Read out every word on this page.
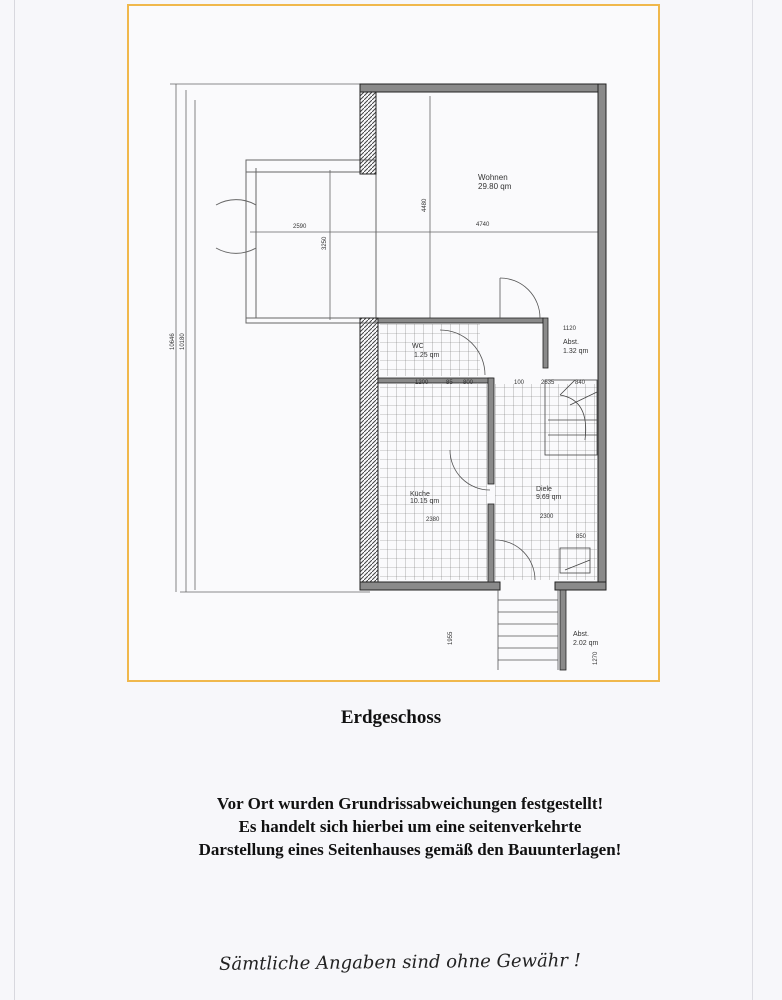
Wohnen
29.80 qm
WC
1.25 qm
Abst.
1.32 qm
Küche
10.15 qm
Diele
9.69 qm
Abst.
2.02 qm
2590	4740
3250
4480
1120
10646 10180
1200	85 800	100	2635	840
2380	2300
850
1955
1270
Erdgeschoss
Vor Ort wurden Grundrissabweichungen festgestellt!
Es handelt sich hierbei um eine seitenverkehrte
Darstellung eines Seitenhauses gemäß den Bauunterlagen!
Sämtliche Angaben sind ohne Gewähr !
